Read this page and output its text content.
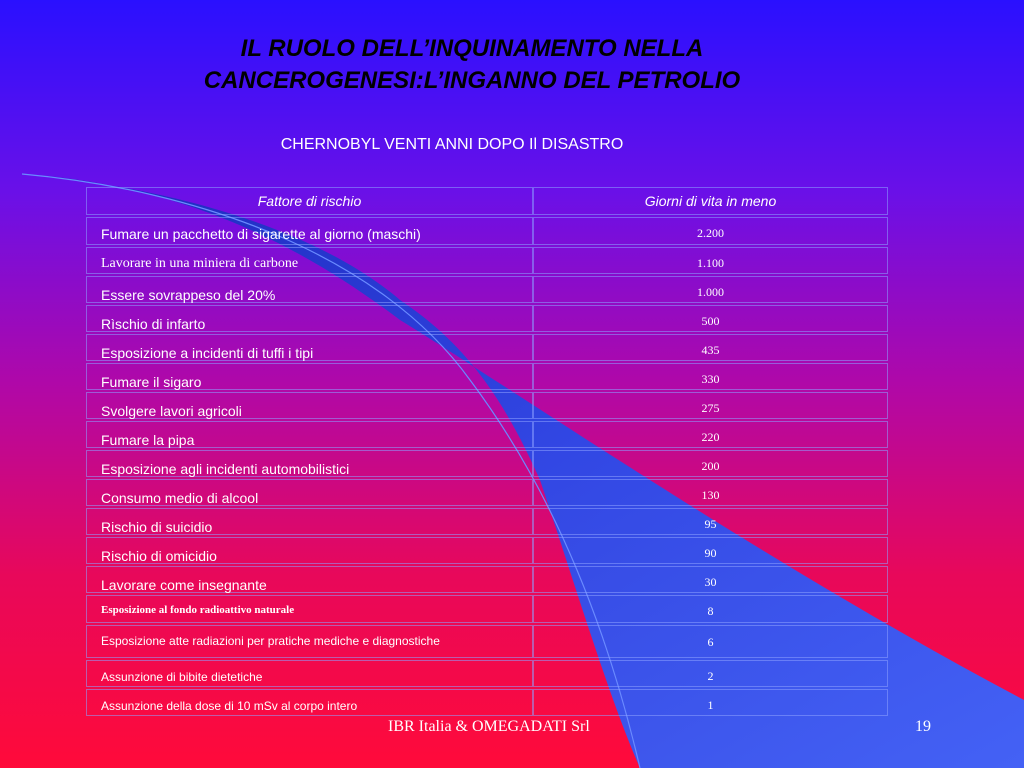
IL RUOLO DELL’INQUINAMENTO NELLA
CANCEROGENESI:L’INGANNO DEL PETROLIO
CHERNOBYL VENTI ANNI DOPO Il DISASTRO
Fattore di rischio	Giorni di vita in meno
Fumare un pacchetto di sigarette al giorno (maschi)	2.200
Lavorare in una miniera di carbone	1.100
Essere sovrappeso del 20%	1.000
Rìschio di infarto	500
Esposizione a incidenti di tuffi i tipi	435
Fumare il sigaro	330
Svolgere lavori agricoli	275
Fumare la pipa	220
Esposizione agli incidenti automobilistici	200
Consumo medio di alcool	130
Rischio di suicidio	95
Rischio di omicidio	90
Lavorare come insegnante	30
Esposizione al fondo radioattivo naturale	8
Esposizione atte radiazioni per pratiche mediche e diagnostiche	6
Assunzione di bibite dietetiche	2
Assunzione della dose di 10 mSv al corpo intero	1
IBR Italia & OMEGADATI Srl	19
